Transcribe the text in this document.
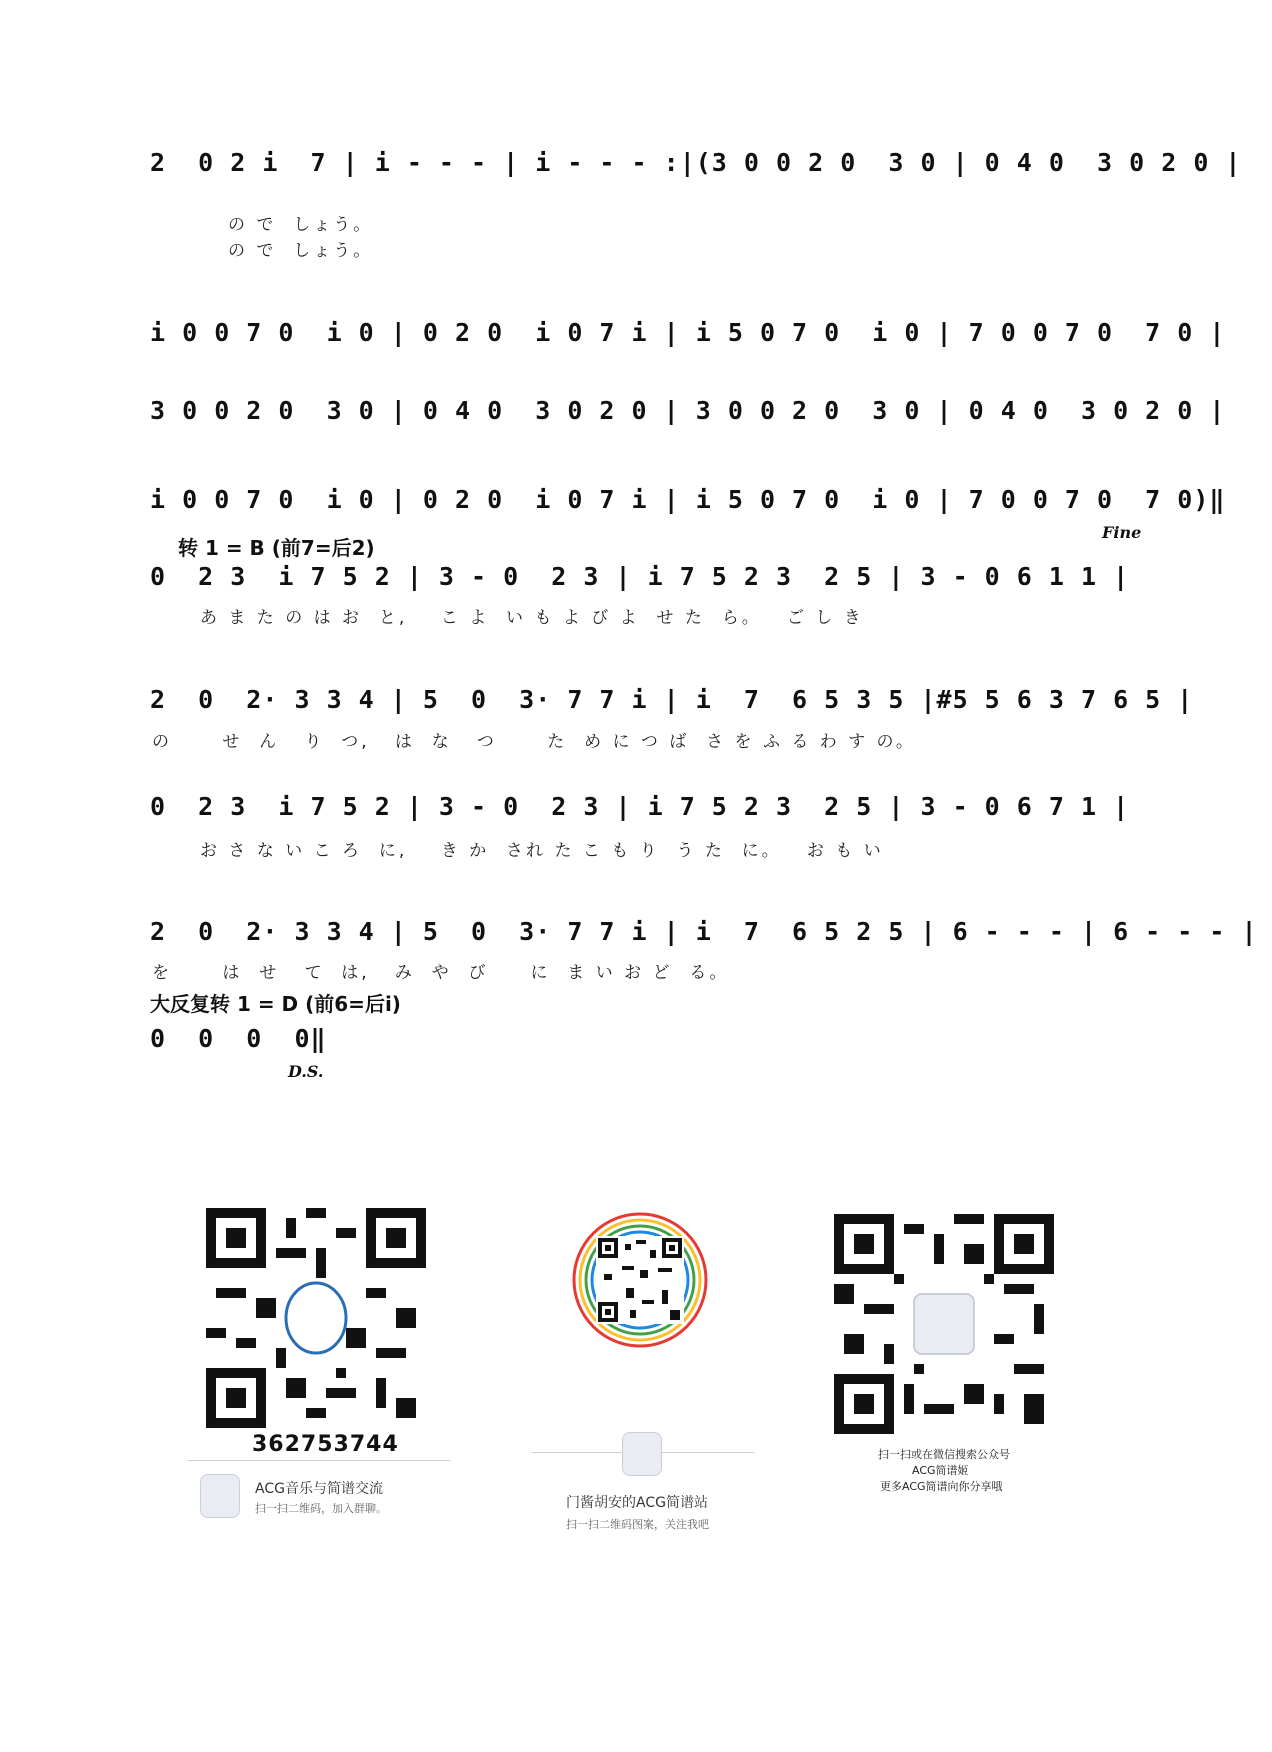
2  0 2 i  7 | i - - - | i - - - :|(3 0 0 2 0  3 0 | 0 4 0  3 0 2 0 |
の で  しょう。
の で  しょう。
i 0 0 7 0  i 0 | 0 2 0  i 0 7 i | i 5 0 7 0  i 0 | 7 0 0 7 0  7 0 |
3 0 0 2 0  3 0 | 0 4 0  3 0 2 0 | 3 0 0 2 0  3 0 | 0 4 0  3 0 2 0 |
i 0 0 7 0  i 0 | 0 2 0  i 0 7 i | i 5 0 7 0  i 0 | 7 0 0 7 0  7 0)‖
Fine
转 1 = B (前7=后2)
0  2 3  i 7 5 2 | 3 - 0  2 3 | i 7 5 2 3  2 5 | 3 - 0 6 1 1 |
あ ま た の は お  と,    こ よ  い も よ び よ  せ た  ら。   ご し き
2  0  2· 3 3 4 | 5  0  3· 7 7 i | i  7  6 5 3 5 |#5 5 6 3 7 6 5 |
の      せ  ん   り  つ,   は  な   つ      た  め に つ ば  さ を ふ る わ す の。
0  2 3  i 7 5 2 | 3 - 0  2 3 | i 7 5 2 3  2 5 | 3 - 0 6 7 1 |
お さ な い こ ろ  に,    き か  され た こ も り  う た  に。   お も い
2  0  2· 3 3 4 | 5  0  3· 7 7 i | i  7  6 5 2 5 | 6 - - - | 6 - - - |
を      は  せ   て  は,   み  や  び     に  ま い お ど  る。
大反复转 1 = D (前6=后i)
0  0  0  0‖
D.S.
362753744
ACG音乐与简谱交流
扫一扫二维码，加入群聊。	门酱胡安的ACG简谱站
扫一扫二维码图案，关注我吧
扫一扫或在微信搜索公众号
ACG简谱姬
更多ACG简谱向你分享哦
